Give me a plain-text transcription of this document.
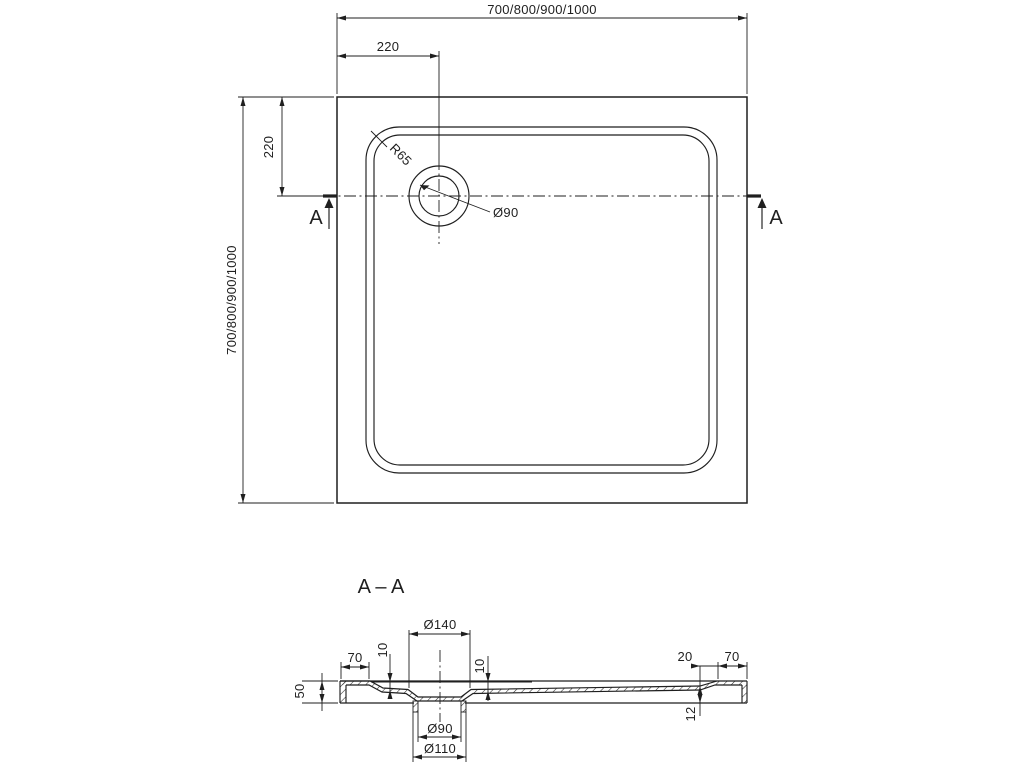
700/800/900/1000
220
700/800/900/1000
220	R65
Ø90
A	A
A – A
Ø140
70 10
10
50
20 70
12
Ø90
Ø110
